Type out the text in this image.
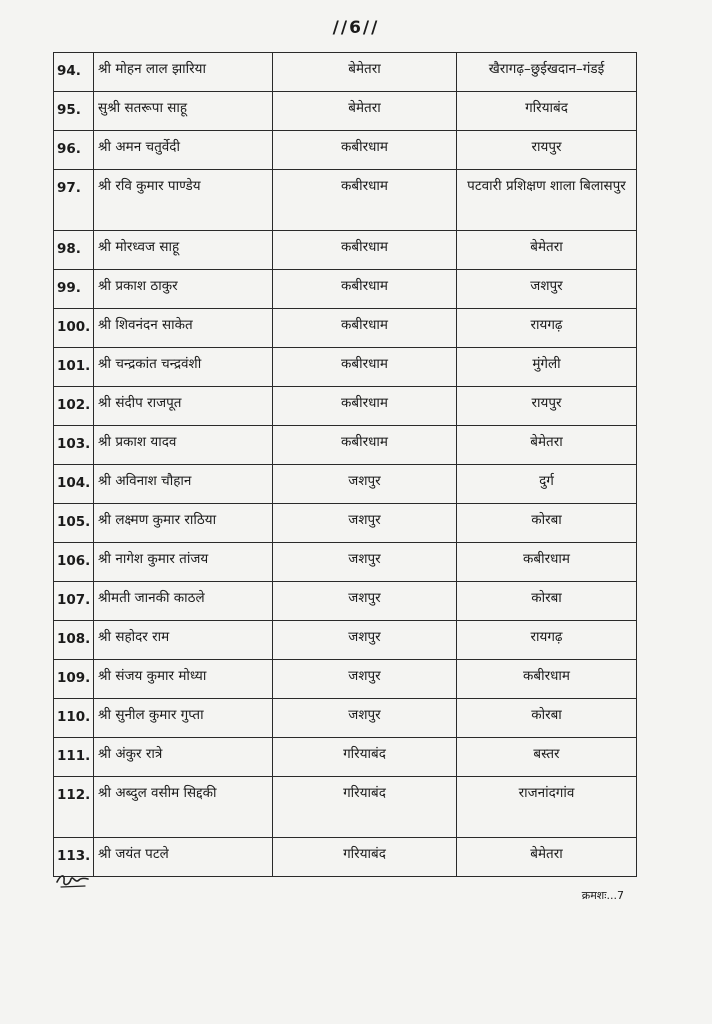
//6//
94.	श्री मोहन लाल झारिया	बेमेतरा	खैरागढ़–छुईखदान–गंडई
95.	सुश्री सतरूपा साहू	बेमेतरा	गरियाबंद
96.	श्री अमन चतुर्वेदी	कबीरधाम	रायपुर
97.	श्री रवि कुमार पाण्डेय	कबीरधाम	पटवारी प्रशिक्षण शाला बिलासपुर
98.	श्री मोरध्वज साहू	कबीरधाम	बेमेतरा
99.	श्री प्रकाश ठाकुर	कबीरधाम	जशपुर
100.	श्री शिवनंदन साकेत	कबीरधाम	रायगढ़
101.	श्री चन्द्रकांत चन्द्रवंशी	कबीरधाम	मुंगेली
102.	श्री संदीप राजपूत	कबीरधाम	रायपुर
103.	श्री प्रकाश यादव	कबीरधाम	बेमेतरा
104.	श्री अविनाश चौहान	जशपुर	दुर्ग
105.	श्री लक्ष्मण कुमार राठिया	जशपुर	कोरबा
106.	श्री नागेश कुमार तांजय	जशपुर	कबीरधाम
107.	श्रीमती जानकी काठले	जशपुर	कोरबा
108.	श्री सहोदर राम	जशपुर	रायगढ़
109.	श्री संजय कुमार मोध्या	जशपुर	कबीरधाम
110.	श्री सुनील कुमार गुप्ता	जशपुर	कोरबा
111.	श्री अंकुर रात्रे	गरियाबंद	बस्तर
112.	श्री अब्दुल वसीम सिद्दकी	गरियाबंद	राजनांदगांव
113.	श्री जयंत पटले	गरियाबंद	बेमेतरा
क्रमशः...7
